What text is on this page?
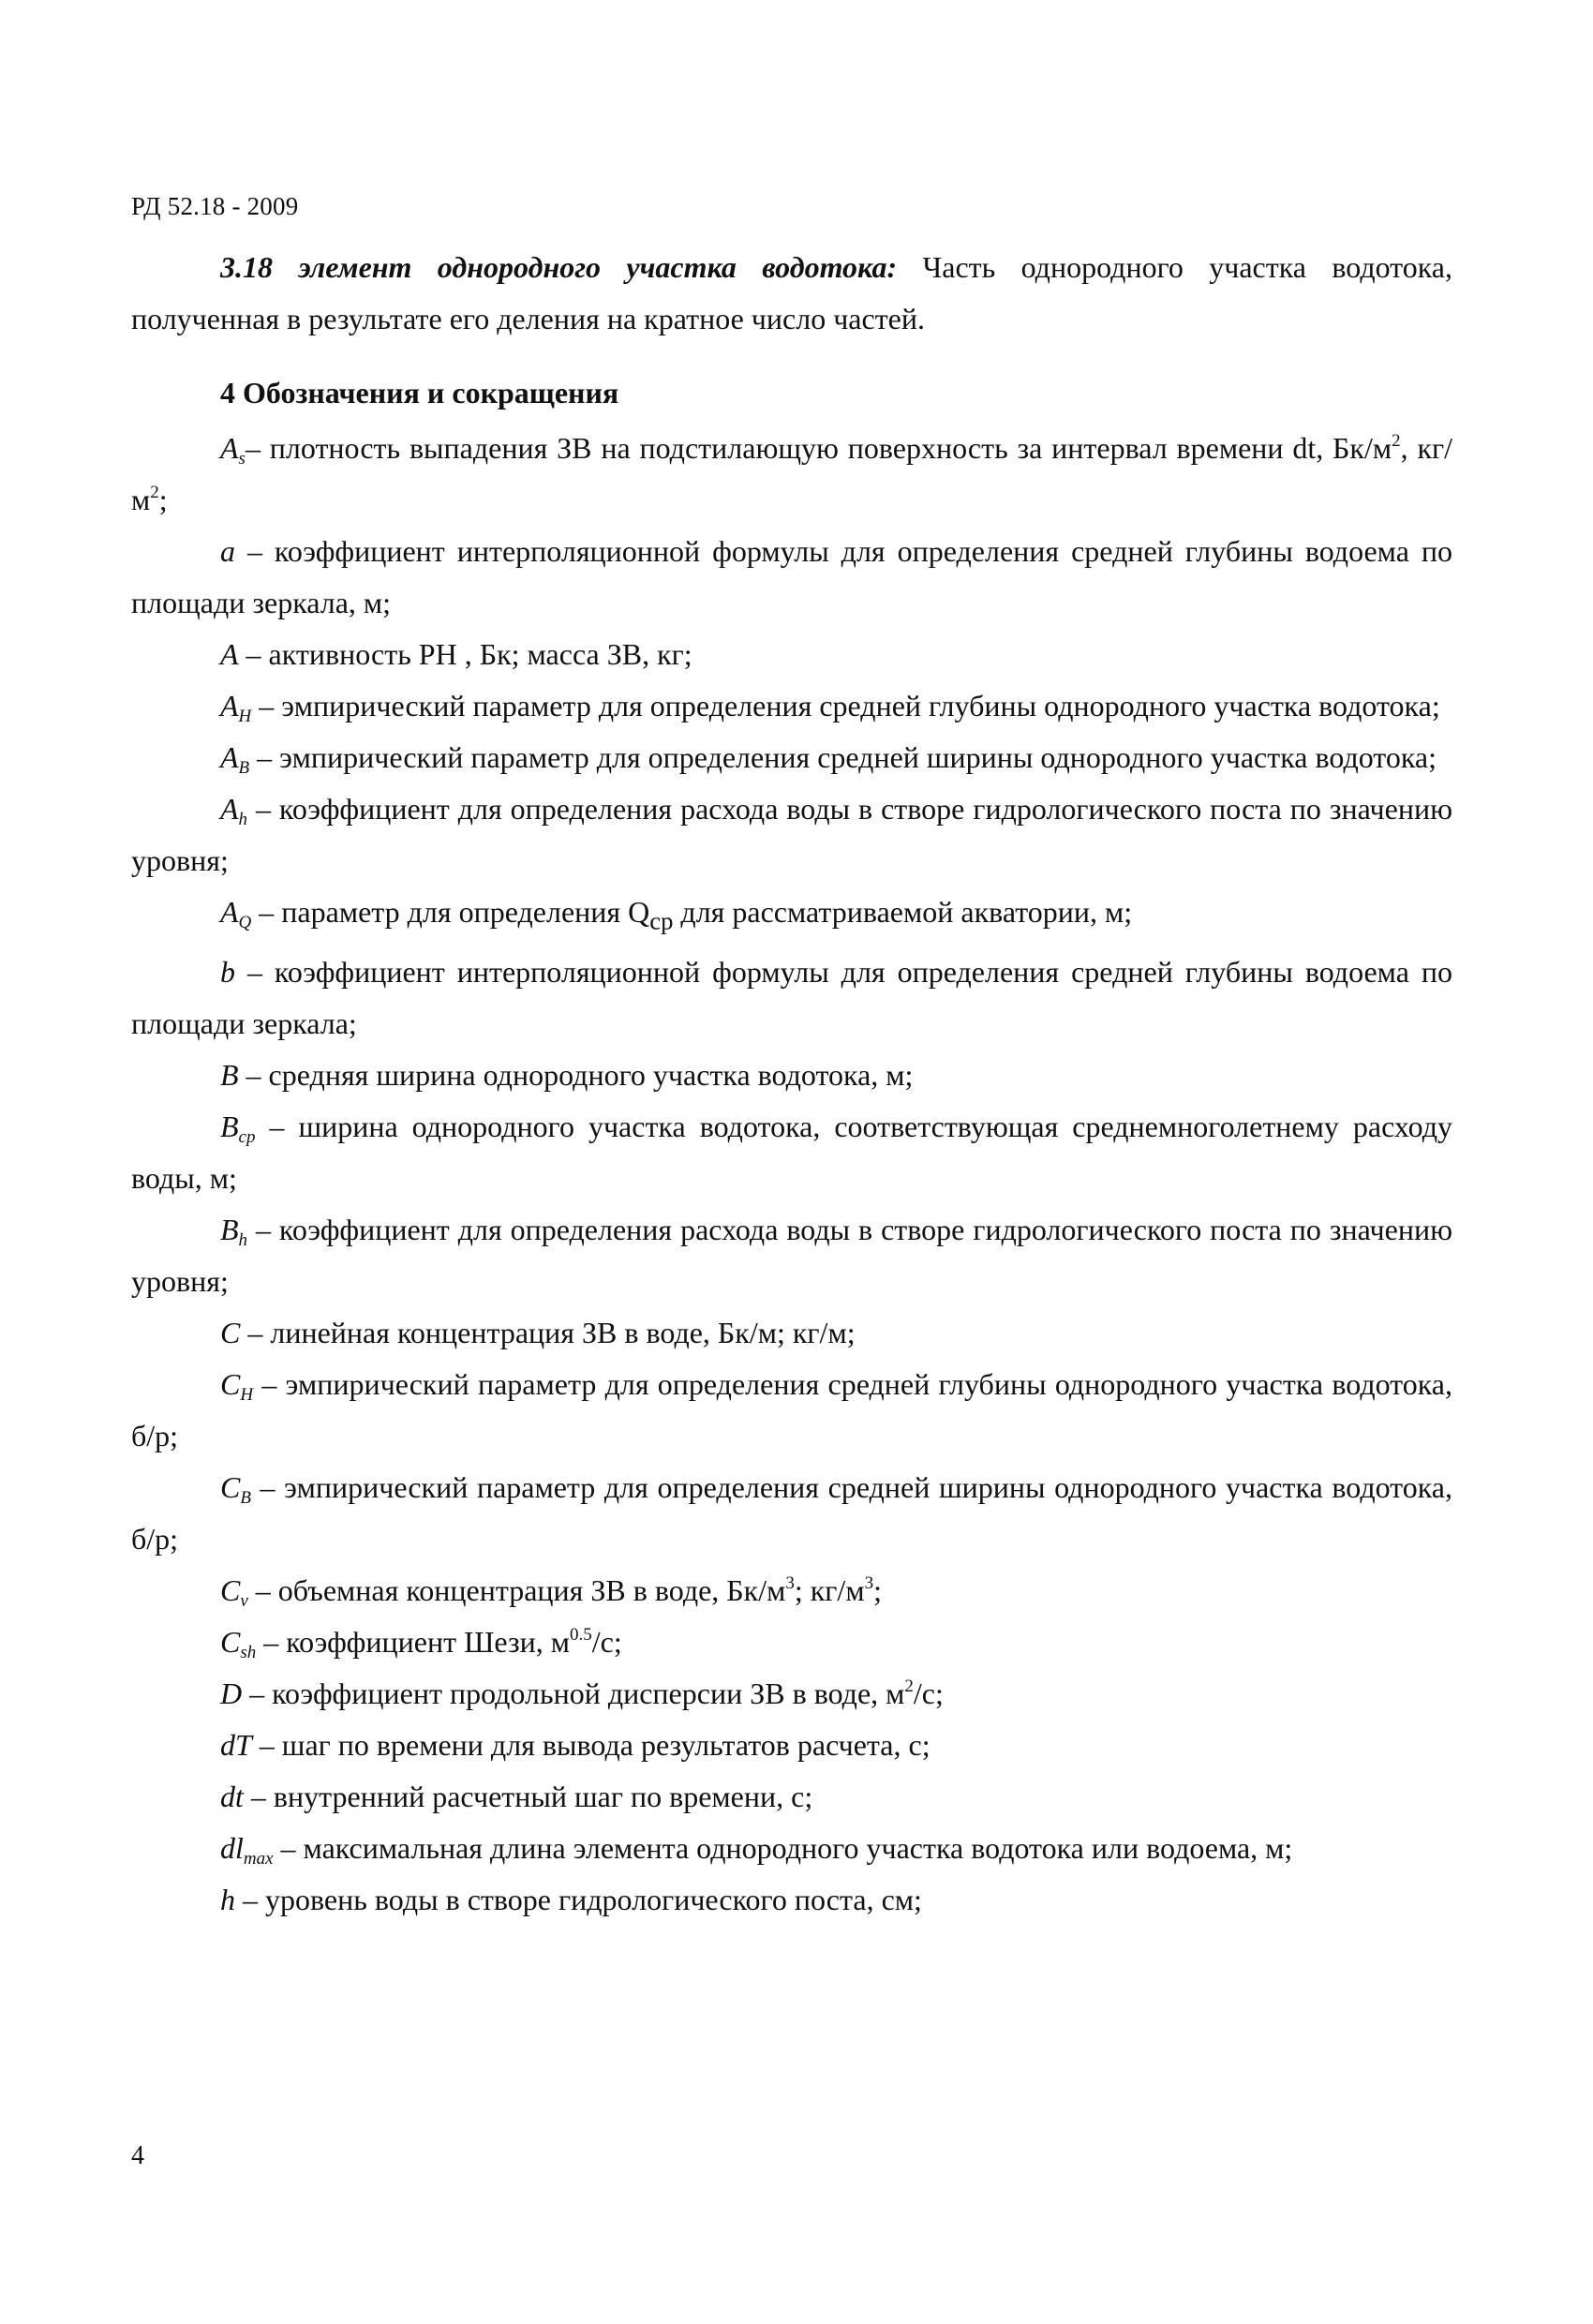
РД 52.18 - 2009

3.18 элемент однородного участка водотока: Часть однородного участка водотока, полученная в результате его деления на кратное число частей.

4 Обозначения и сокращения

$A_s-$ плотность выпадения ЗВ на подстилающую поверхность за интервал времени dt, $Бк/м^2$, $кг/м^2$;

a – коэффициент интерполяционной формулы для определения средней глубины водоема по площади зеркала, м;

A – активность РН , Бк; масса ЗВ, кг;

$A_H$ – эмпирический параметр для определения средней глубины однородного участка водотока;

$A_B$ – эмпирический параметр для определения средней ширины однородного участка водотока;

$A_h$ – коэффициент для определения расхода воды в створе гидрологического поста по значению уровня;

$A_Q$ – параметр для определения $Q_{ср}$ для рассматриваемой акватории, м;

b – коэффициент интерполяционной формулы для определения средней глубины водоема по площади зеркала;

B – средняя ширина однородного участка водотока, м;

$B_{ср}$ – ширина однородного участка водотока, соответствующая среднемноголетнему расходу воды, м;

$B_h$ – коэффициент для определения расхода воды в створе гидрологического поста по значению уровня;

C – линейная концентрация ЗВ в воде, Бк/м; кг/м;

$C_H$ – эмпирический параметр для определения средней глубины однородного участка водотока, б/р;

$C_B$ – эмпирический параметр для определения средней ширины однородного участка водотока, б/р;

$C_v$ – объемная концентрация ЗВ в воде, $Бк/м^3$; $кг/м^3$;

$C_{sh}$ – коэффициент Шези, $м^{0.5}/с$;

D – коэффициент продольной дисперсии ЗВ в воде, $м^2/с$;

dT – шаг по времени для вывода результатов расчета, с;

dt – внутренний расчетный шаг по времени, с;

$dl_{max}$ – максимальная длина элемента однородного участка водотока или водоема, м;

h – уровень воды в створе гидрологического поста, см;

4
